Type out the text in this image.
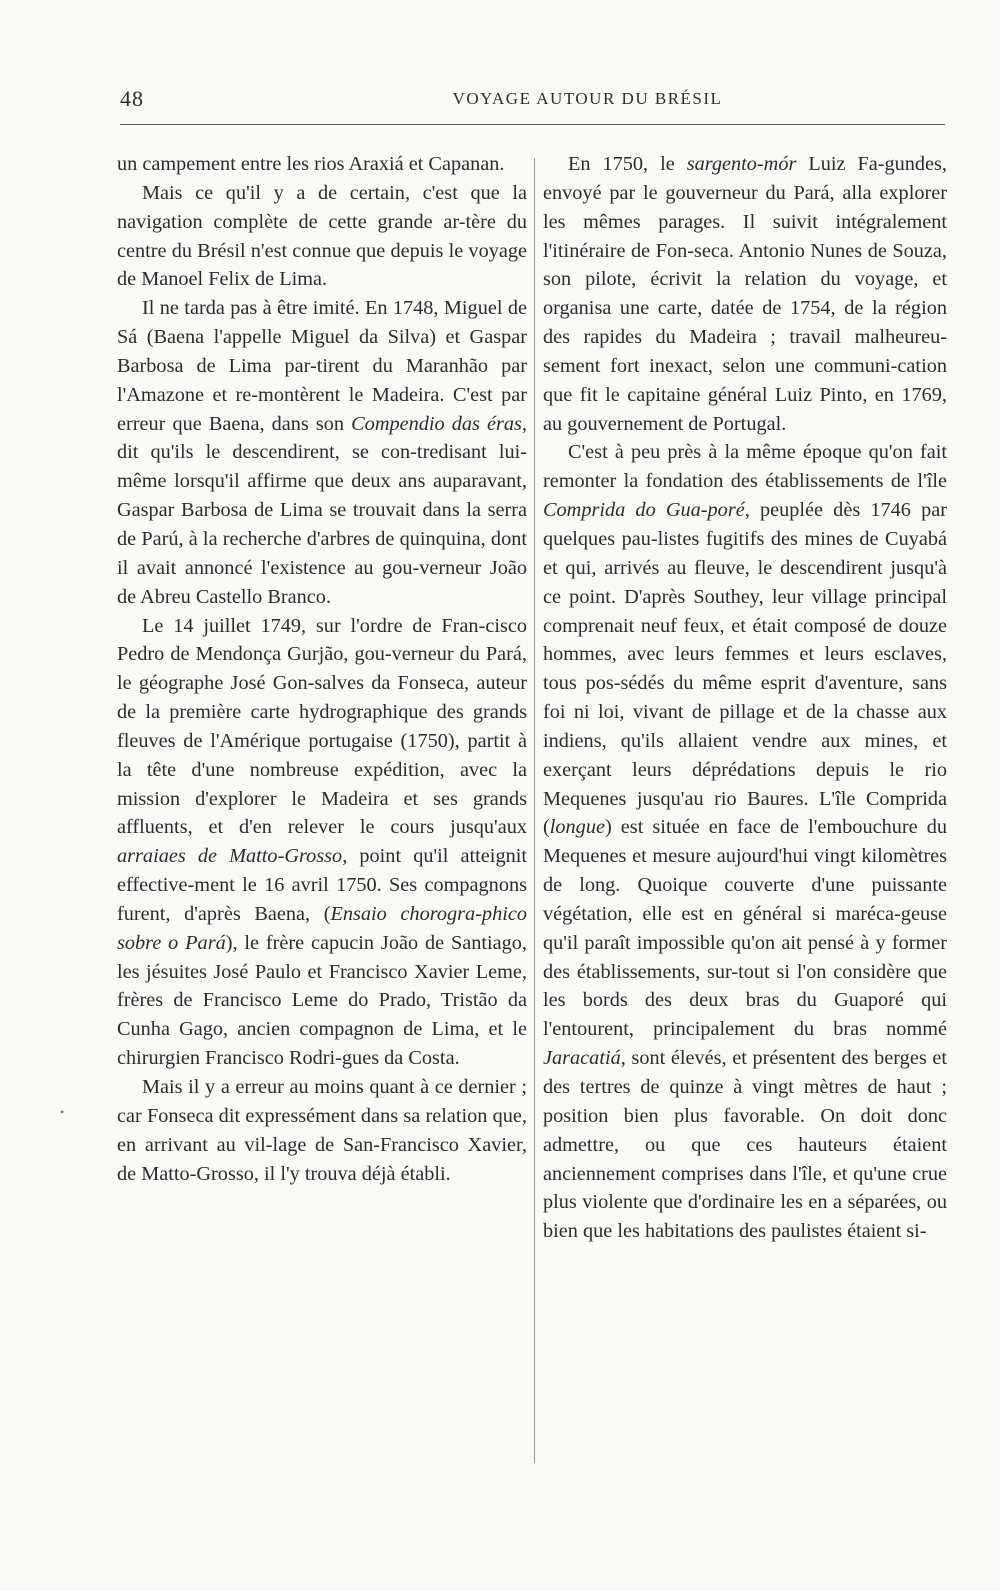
48	VOYAGE AUTOUR DU BRÉSIL

un campement entre les rios Araxiá et Capanan.

Mais ce qu'il y a de certain, c'est que la navigation complète de cette grande ar-tère du centre du Brésil n'est connue que depuis le voyage de Manoel Felix de Lima.

Il ne tarda pas à être imité. En 1748, Miguel de Sá (Baena l'appelle Miguel da Silva) et Gaspar Barbosa de Lima par-tirent du Maranhão par l'Amazone et re-montèrent le Madeira. C'est par erreur que Baena, dans son Compendio das éras, dit qu'ils le descendirent, se con-tredisant lui-même lorsqu'il affirme que deux ans auparavant, Gaspar Barbosa de Lima se trouvait dans la serra de Parú, à la recherche d'arbres de quinquina, dont il avait annoncé l'existence au gou-verneur João de Abreu Castello Branco.

Le 14 juillet 1749, sur l'ordre de Fran-cisco Pedro de Mendonça Gurjão, gou-verneur du Pará, le géographe José Gon-salves da Fonseca, auteur de la première carte hydrographique des grands fleuves de l'Amérique portugaise (1750), partit à la tête d'une nombreuse expédition, avec la mission d'explorer le Madeira et ses grands affluents, et d'en relever le cours jusqu'aux arraiaes de Matto-Grosso, point qu'il atteignit effective-ment le 16 avril 1750. Ses compagnons furent, d'après Baena, (Ensaio chorogra-phico sobre o Pará), le frère capucin João de Santiago, les jésuites José Paulo et Francisco Xavier Leme, frères de Francisco Leme do Prado, Tristão da Cunha Gago, ancien compagnon de Lima, et le chirurgien Francisco Rodri-gues da Costa.

Mais il y a erreur au moins quant à ce dernier ; car Fonseca dit expressément dans sa relation que, en arrivant au vil-lage de San-Francisco Xavier, de Matto-Grosso, il l'y trouva déjà établi.

En 1750, le sargento-mór Luiz Fa-gundes, envoyé par le gouverneur du Pará, alla explorer les mêmes parages. Il suivit intégralement l'itinéraire de Fon-seca. Antonio Nunes de Souza, son pilote, écrivit la relation du voyage, et organisa une carte, datée de 1754, de la région des rapides du Madeira ; travail malheureu-sement fort inexact, selon une communi-cation que fit le capitaine général Luiz Pinto, en 1769, au gouvernement de Portugal.

C'est à peu près à la même époque qu'on fait remonter la fondation des établissements de l'île Comprida do Gua-poré, peuplée dès 1746 par quelques pau-listes fugitifs des mines de Cuyabá et qui, arrivés au fleuve, le descendirent jusqu'à ce point. D'après Southey, leur village principal comprenait neuf feux, et était composé de douze hommes, avec leurs femmes et leurs esclaves, tous pos-sédés du même esprit d'aventure, sans foi ni loi, vivant de pillage et de la chasse aux indiens, qu'ils allaient vendre aux mines, et exerçant leurs déprédations depuis le rio Mequenes jusqu'au rio Baures. L'île Comprida (longue) est située en face de l'embouchure du Mequenes et mesure aujourd'hui vingt kilomètres de long. Quoique couverte d'une puissante végétation, elle est en général si maréca-geuse qu'il paraît impossible qu'on ait pensé à y former des établissements, sur-tout si l'on considère que les bords des deux bras du Guaporé qui l'entourent, principalement du bras nommé Jaracatiá, sont élevés, et présentent des berges et des tertres de quinze à vingt mètres de haut ; position bien plus favorable. On doit donc admettre, ou que ces hauteurs étaient anciennement comprises dans l'île, et qu'une crue plus violente que d'ordinaire les en a séparées, ou bien que les habitations des paulistes étaient si-

•
